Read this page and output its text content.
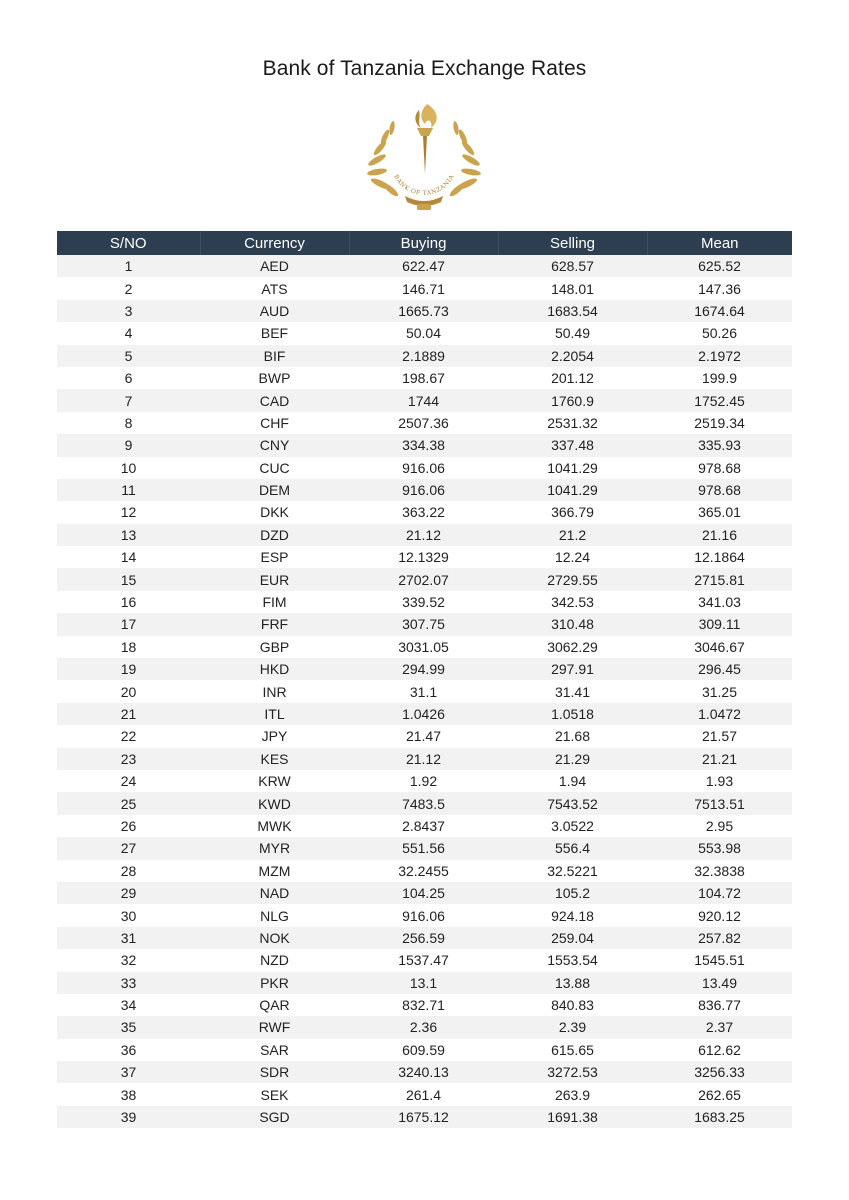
Bank of Tanzania Exchange Rates
BANK OF TANZANIA
S/NO	Currency	Buying	Selling	Mean
1	AED	622.47	628.57	625.52
2	ATS	146.71	148.01	147.36
3	AUD	1665.73	1683.54	1674.64
4	BEF	50.04	50.49	50.26
5	BIF	2.1889	2.2054	2.1972
6	BWP	198.67	201.12	199.9
7	CAD	1744	1760.9	1752.45
8	CHF	2507.36	2531.32	2519.34
9	CNY	334.38	337.48	335.93
10	CUC	916.06	1041.29	978.68
11	DEM	916.06	1041.29	978.68
12	DKK	363.22	366.79	365.01
13	DZD	21.12	21.2	21.16
14	ESP	12.1329	12.24	12.1864
15	EUR	2702.07	2729.55	2715.81
16	FIM	339.52	342.53	341.03
17	FRF	307.75	310.48	309.11
18	GBP	3031.05	3062.29	3046.67
19	HKD	294.99	297.91	296.45
20	INR	31.1	31.41	31.25
21	ITL	1.0426	1.0518	1.0472
22	JPY	21.47	21.68	21.57
23	KES	21.12	21.29	21.21
24	KRW	1.92	1.94	1.93
25	KWD	7483.5	7543.52	7513.51
26	MWK	2.8437	3.0522	2.95
27	MYR	551.56	556.4	553.98
28	MZM	32.2455	32.5221	32.3838
29	NAD	104.25	105.2	104.72
30	NLG	916.06	924.18	920.12
31	NOK	256.59	259.04	257.82
32	NZD	1537.47	1553.54	1545.51
33	PKR	13.1	13.88	13.49
34	QAR	832.71	840.83	836.77
35	RWF	2.36	2.39	2.37
36	SAR	609.59	615.65	612.62
37	SDR	3240.13	3272.53	3256.33
38	SEK	261.4	263.9	262.65
39	SGD	1675.12	1691.38	1683.25
